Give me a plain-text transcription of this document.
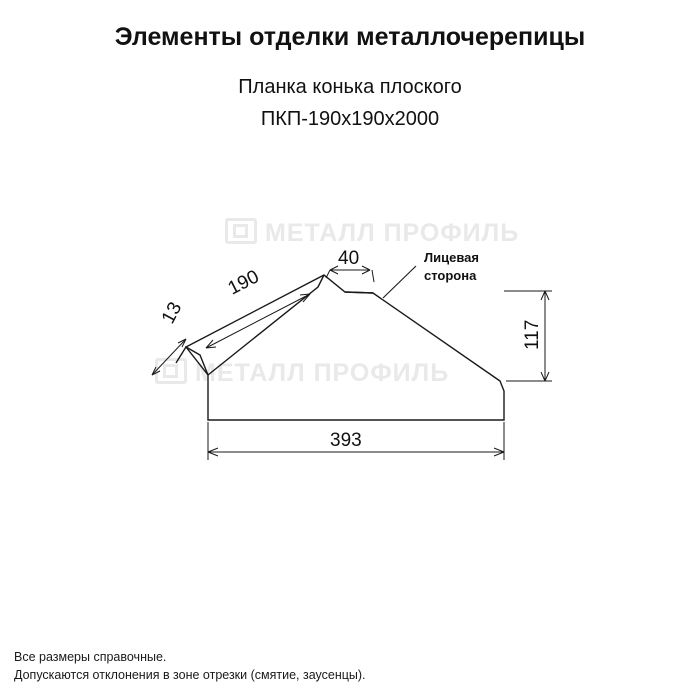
МЕТАЛЛ ПРОФИЛЬ
МЕТАЛЛ ПРОФИЛЬ
Элементы отделки металлочерепицы
Планка конька плоского
ПКП-190х190х2000
Лицевая
сторона
13
190
40
117
393
Все размеры справочные.
Допускаются отклонения в зоне отрезки (смятие, заусенцы).
